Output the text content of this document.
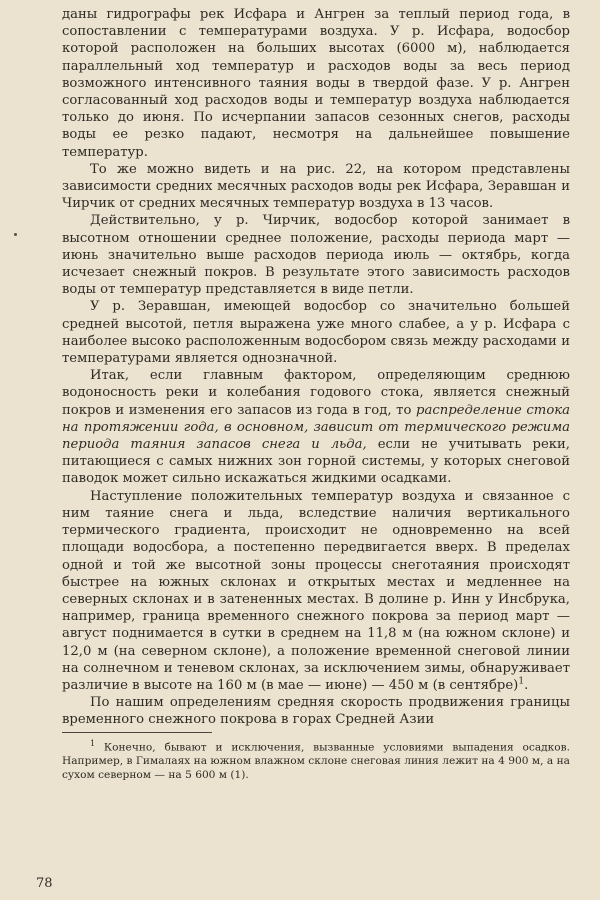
даны гидрографы рек Исфара и Ангрен за теплый период года, в сопоставлении с температурами воздуха. У р. Исфара, водосбор которой расположен на больших высотах (6000 м), наблюдается параллельный ход температур и расходов воды за весь период возможного интенсивного таяния воды в твердой фазе. У р. Ангрен согласованный ход расходов воды и температур воздуха наблюдается только до июня. По исчерпании запасов сезонных снегов, расходы воды ее резко падают, несмотря на дальнейшее повышение температур.

То же можно видеть и на рис. 22, на котором представлены зависимости средних месячных расходов воды рек Исфара, Зеравшан и Чирчик от средних месячных температур воздуха в 13 часов.

Действительно, у р. Чирчик, водосбор которой занимает в высотном отношении среднее положение, расходы периода март — июнь значительно выше расходов периода июль — октябрь, когда исчезает снежный покров. В результате этого зависимость расходов воды от температур представляется в виде петли.

У р. Зеравшан, имеющей водосбор со значительно большей средней высотой, петля выражена уже много слабее, а у р. Исфара с наиболее высоко расположенным водосбором связь между расходами и температурами является однозначной.

Итак, если главным фактором, определяющим среднюю водоносность реки и колебания годового стока, является снежный покров и изменения его запасов из года в год, то распределение стока на протяжении года, в основном, зависит от термического режима периода таяния запасов снега и льда, если не учитывать реки, питающиеся с самых нижних зон горной системы, у которых снеговой паводок может сильно искажаться жидкими осадками.

Наступление положительных температур воздуха и связанное с ним таяние снега и льда, вследствие наличия вертикального термического градиента, происходит не одновременно на всей площади водосбора, а постепенно передвигается вверх. В пределах одной и той же высотной зоны процессы снеготаяния происходят быстрее на южных склонах и открытых местах и медленнее на северных склонах и в затененных местах. В долине р. Инн у Инсбрука, например, граница временного снежного покрова за период март — август поднимается в сутки в среднем на 11,8 м (на южном склоне) и 12,0 м (на северном склоне), а положение временной снеговой линии на солнечном и теневом склонах, за исключением зимы, обнаруживает различие в высоте на 160 м (в мае — июне) — 450 м (в сентябре)$^1$.

По нашим определениям средняя скорость продвижения границы временного снежного покрова в горах Средней Азии

$^1$ Конечно, бывают и исключения, вызванные условиями выпадения осадков. Например, в Гималаях на южном влажном склоне снеговая линия лежит на 4 900 м, а на сухом северном — на 5 600 м (1).

78
